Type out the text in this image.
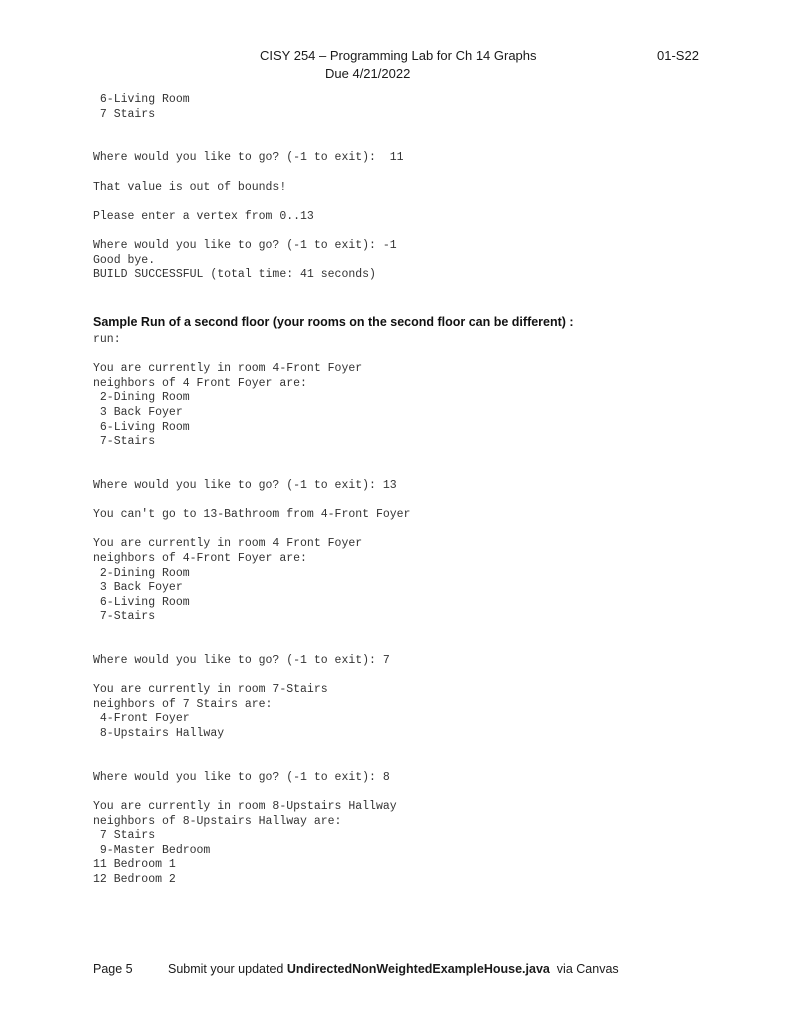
CISY 254 – Programming Lab for Ch 14 Graphs	01-S22
Due 4/21/2022
6-Living Room
7 Stairs

Where would you like to go? (-1 to exit):  11

That value is out of bounds!

Please enter a vertex from 0..13

Where would you like to go? (-1 to exit): -1
Good bye.
BUILD SUCCESSFUL (total time: 41 seconds)
Sample Run of a second floor (your rooms on the second floor can be different) :
run:

You are currently in room 4-Front Foyer
neighbors of 4 Front Foyer are:
2-Dining Room
3 Back Foyer
6-Living Room
7-Stairs

Where would you like to go? (-1 to exit): 13

You can't go to 13-Bathroom from 4-Front Foyer

You are currently in room 4 Front Foyer
neighbors of 4-Front Foyer are:
2-Dining Room
3 Back Foyer
6-Living Room
7-Stairs

Where would you like to go? (-1 to exit): 7

You are currently in room 7-Stairs
neighbors of 7 Stairs are:
4-Front Foyer
8-Upstairs Hallway

Where would you like to go? (-1 to exit): 8

You are currently in room 8-Upstairs Hallway
neighbors of 8-Upstairs Hallway are:
7 Stairs
9-Master Bedroom
11 Bedroom 1
12 Bedroom 2
Page 5	Submit your updated UndirectedNonWeightedExampleHouse.java  via Canvas
